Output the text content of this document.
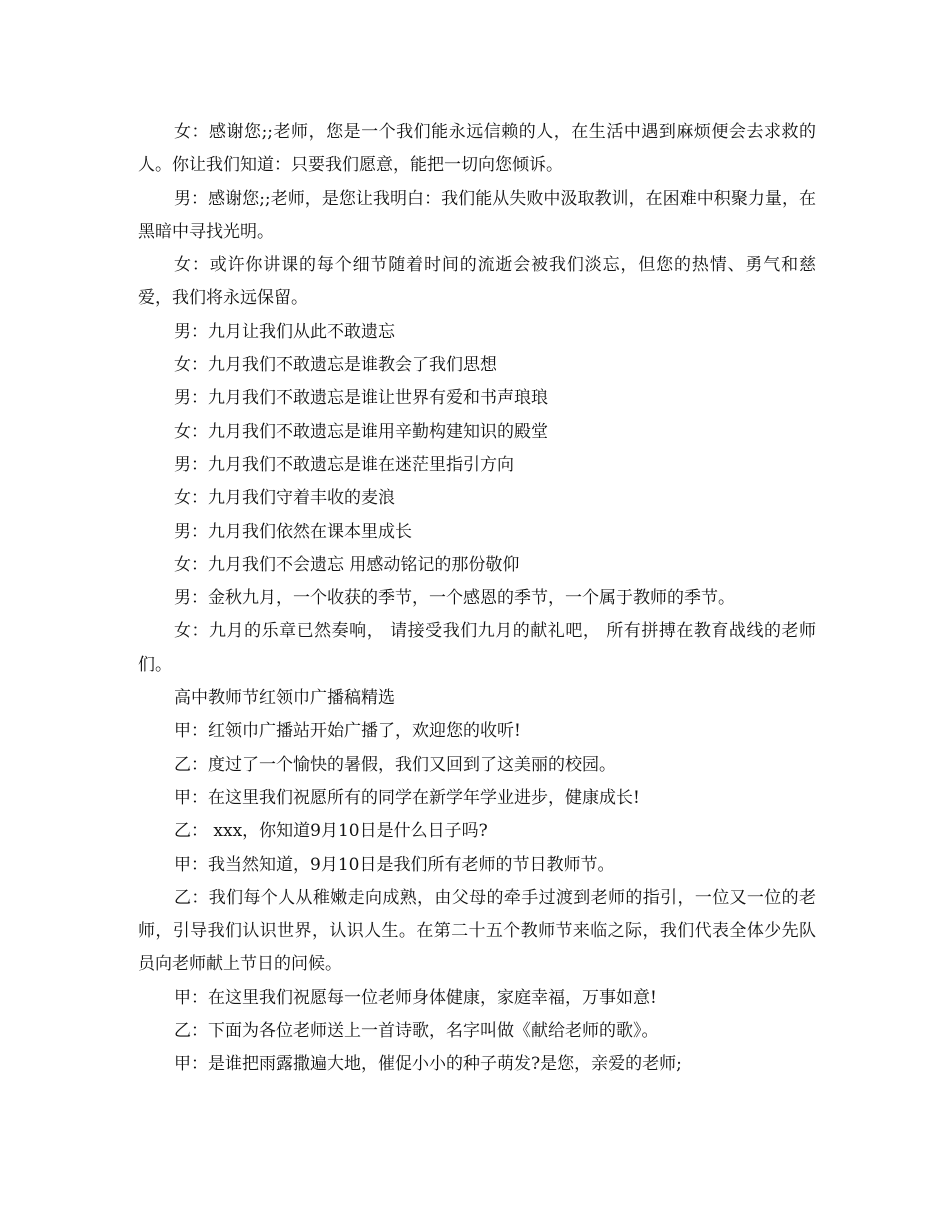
女：感谢您;;老师，您是一个我们能永远信赖的人，在生活中遇到麻烦便会去求救的人。你让我们知道：只要我们愿意，能把一切向您倾诉。

男：感谢您;;老师，是您让我明白：我们能从失败中汲取教训，在困难中积聚力量，在黑暗中寻找光明。

女：或许你讲课的每个细节随着时间的流逝会被我们淡忘，但您的热情、勇气和慈爱，我们将永远保留。

男：九月让我们从此不敢遗忘

女：九月我们不敢遗忘是谁教会了我们思想

男：九月我们不敢遗忘是谁让世界有爱和书声琅琅

女：九月我们不敢遗忘是谁用辛勤构建知识的殿堂

男：九月我们不敢遗忘是谁在迷茫里指引方向

女：九月我们守着丰收的麦浪

男：九月我们依然在课本里成长

女：九月我们不会遗忘 用感动铭记的那份敬仰

男：金秋九月，一个收获的季节，一个感恩的季节，一个属于教师的季节。

女：九月的乐章已然奏响， 请接受我们九月的献礼吧， 所有拼搏在教育战线的老师们。

高中教师节红领巾广播稿精选

甲：红领巾广播站开始广播了，欢迎您的收听!

乙：度过了一个愉快的暑假，我们又回到了这美丽的校园。

甲：在这里我们祝愿所有的同学在新学年学业进步，健康成长!

乙： xxx，你知道9月10日是什么日子吗?

甲：我当然知道，9月10日是我们所有老师的节日教师节。

乙：我们每个人从稚嫩走向成熟，由父母的牵手过渡到老师的指引，一位又一位的老师，引导我们认识世界，认识人生。在第二十五个教师节来临之际，我们代表全体少先队员向老师献上节日的问候。

甲：在这里我们祝愿每一位老师身体健康，家庭幸福，万事如意!

乙：下面为各位老师送上一首诗歌，名字叫做《献给老师的歌》。

甲：是谁把雨露撒遍大地，催促小小的种子萌发?是您，亲爱的老师;
